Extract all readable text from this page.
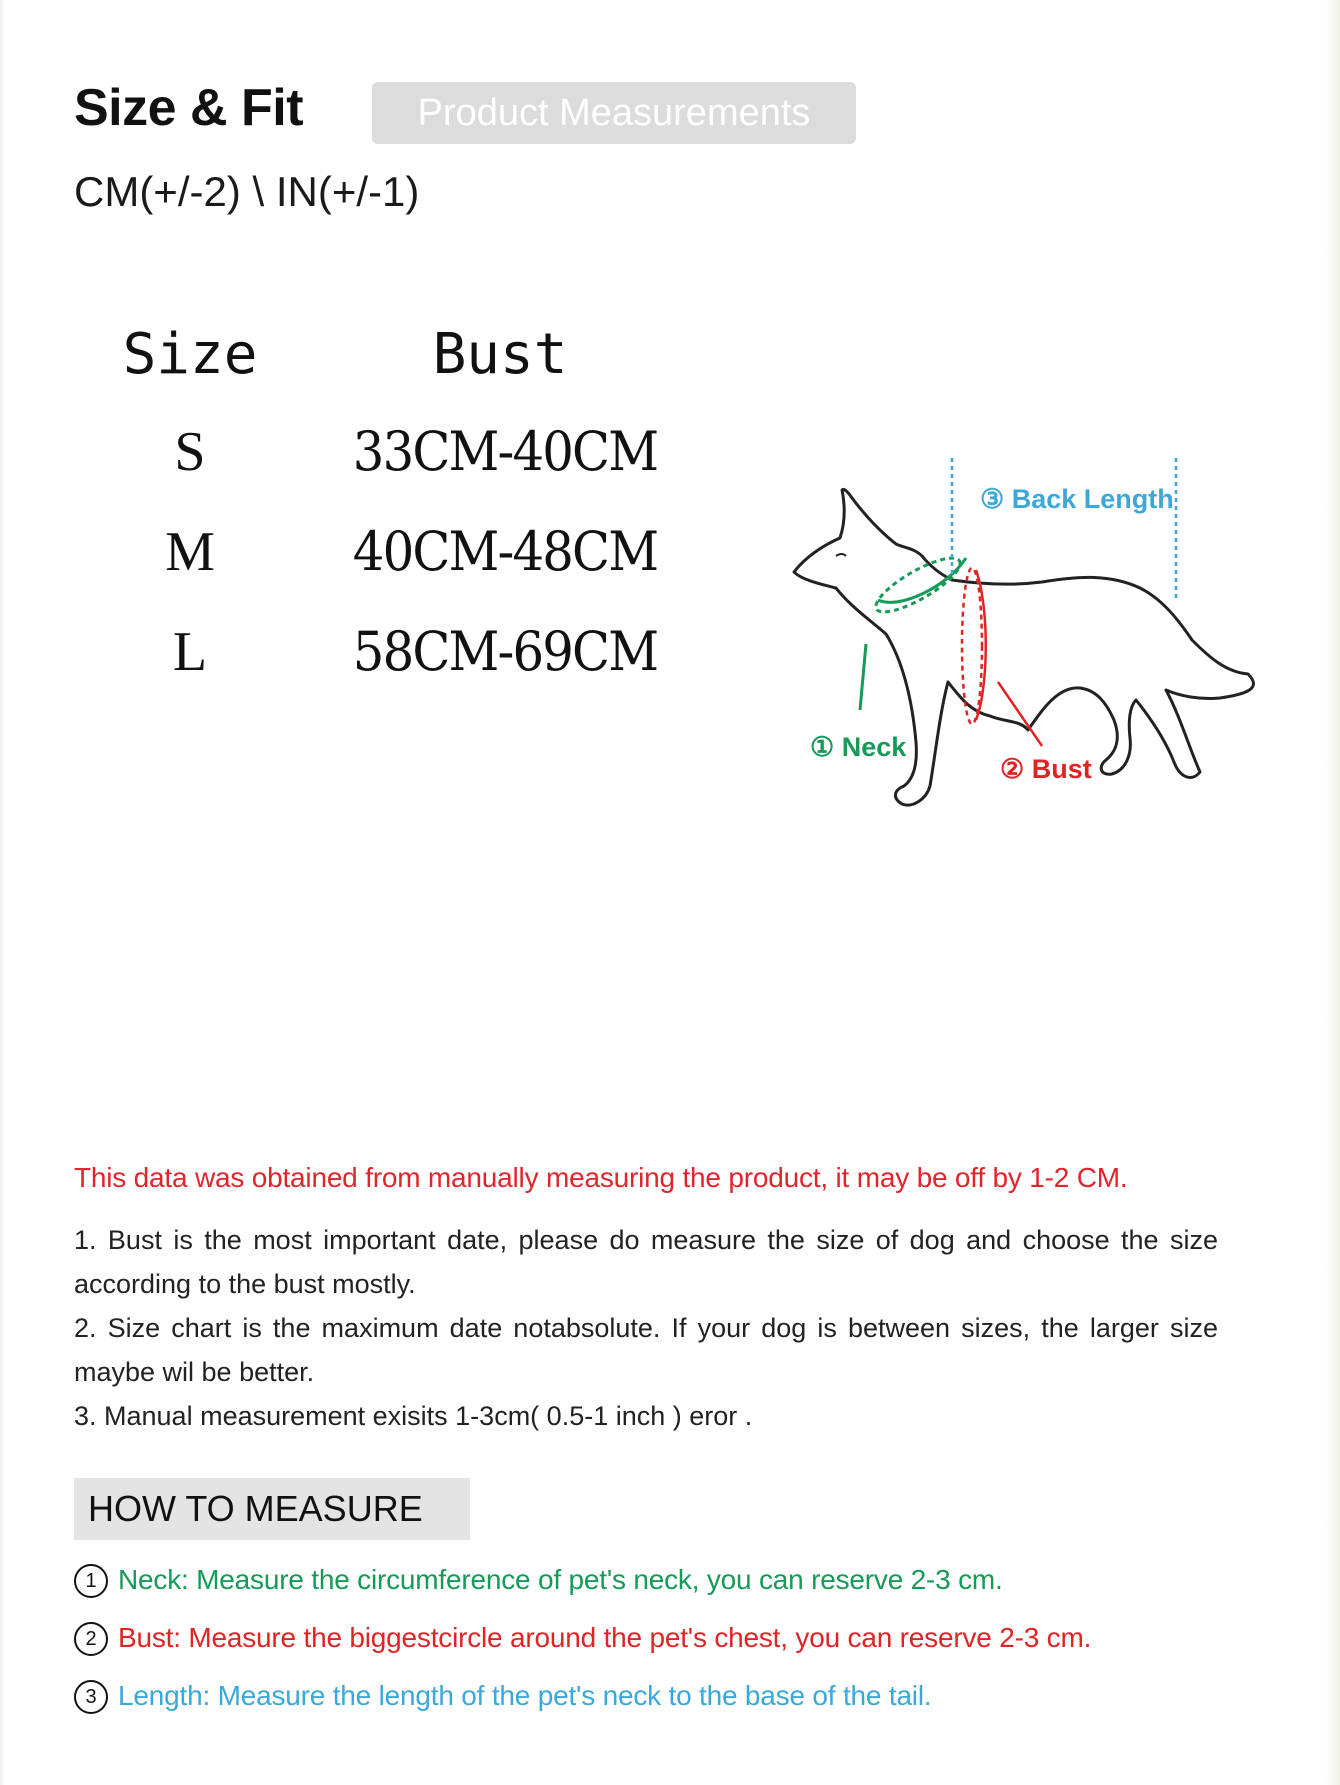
Size & Fit	Product Measurements
CM(+/-2) \ IN(+/-1)
Size	Bust
S	33CM-40CM
M	40CM-48CM
L	58CM-69CM
③ Back Length
① Neck
② Bust
This data was obtained from manually measuring the product, it may be off by 1-2 CM.

1. Bust is the most important date, please do measure the size of dog and choose the size according to the bust mostly.

2. Size chart is the maximum date notabsolute. If your dog is between sizes, the larger size maybe wil be better.

3. Manual measurement exisits 1-3cm( 0.5-1 inch ) eror .

HOW TO MEASURE
1 Neck: Measure the circumference of pet's neck, you can reserve 2-3 cm.
2 Bust: Measure the biggestcircle around the pet's chest, you can reserve 2-3 cm.
3 Length: Measure the length of the pet's neck to the base of the tail.
